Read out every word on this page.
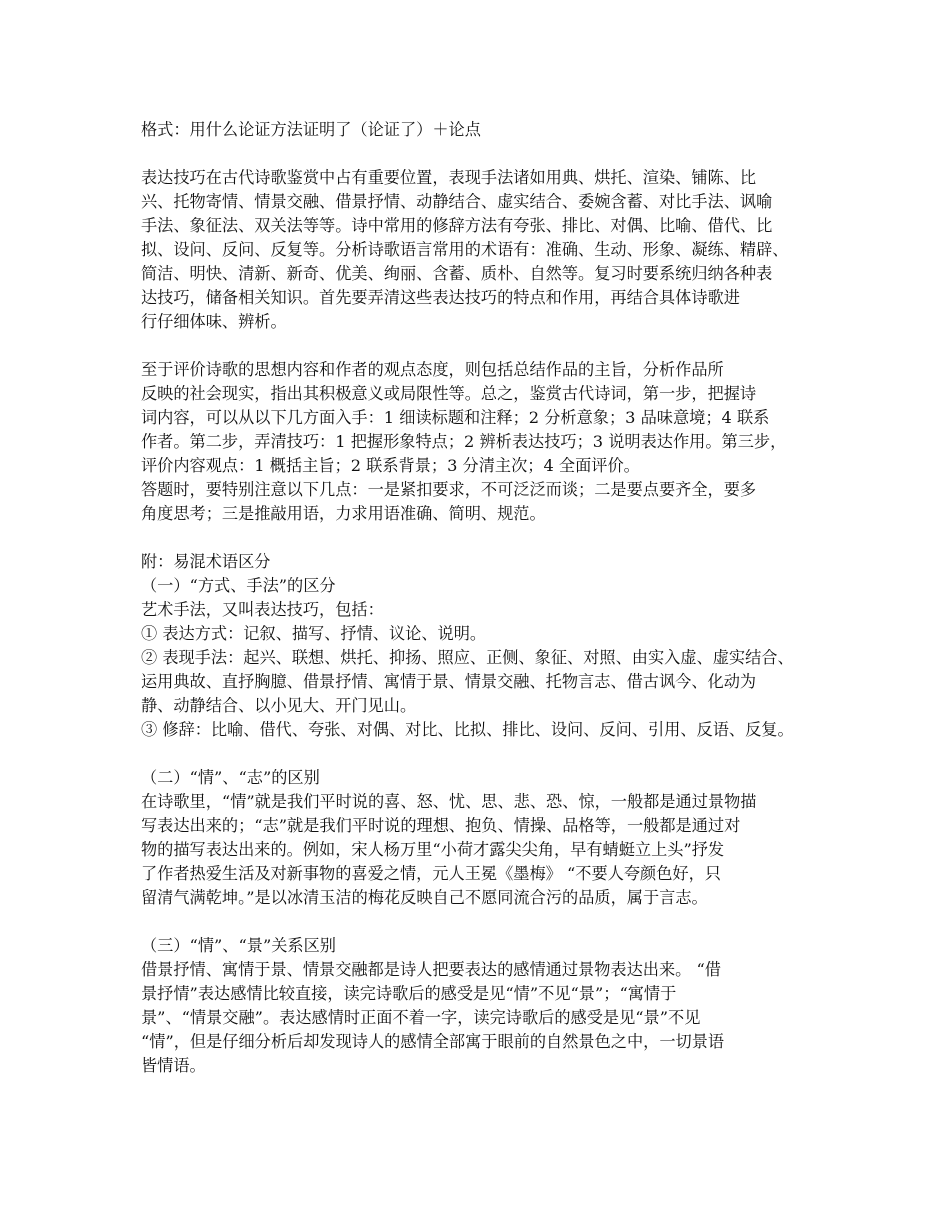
格式：用什么论证方法证明了（论证了）＋论点
表达技巧在古代诗歌鉴赏中占有重要位置，表现手法诸如用典、烘托、渲染、铺陈、比
兴、托物寄情、情景交融、借景抒情、动静结合、虚实结合、委婉含蓄、对比手法、讽喻
手法、象征法、双关法等等。诗中常用的修辞方法有夸张、排比、对偶、比喻、借代、比
拟、设问、反问、反复等。分析诗歌语言常用的术语有：准确、生动、形象、凝练、精辟、
简洁、明快、清新、新奇、优美、绚丽、含蓄、质朴、自然等。复习时要系统归纳各种表
达技巧，储备相关知识。首先要弄清这些表达技巧的特点和作用，再结合具体诗歌进
行仔细体味、辨析。
至于评价诗歌的思想内容和作者的观点态度，则包括总结作品的主旨，分析作品所
反映的社会现实，指出其积极意义或局限性等。总之，鉴赏古代诗词，第一步，把握诗
词内容，可以从以下几方面入手：1 细读标题和注释；2 分析意象；3 品味意境；4 联系
作者。第二步，弄清技巧：1 把握形象特点；2 辨析表达技巧；3 说明表达作用。第三步，
评价内容观点：1 概括主旨；2 联系背景；3 分清主次；4 全面评价。
答题时，要特别注意以下几点：一是紧扣要求，不可泛泛而谈；二是要点要齐全，要多
角度思考；三是推敲用语，力求用语准确、简明、规范。
附：易混术语区分
（一）“方式、手法”的区分
艺术手法，又叫表达技巧，包括：
① 表达方式：记叙、描写、抒情、议论、说明。
② 表现手法：起兴、联想、烘托、抑扬、照应、正侧、象征、对照、由实入虚、虚实结合、
运用典故、直抒胸臆、借景抒情、寓情于景、情景交融、托物言志、借古讽今、化动为
静、动静结合、以小见大、开门见山。
③ 修辞：比喻、借代、夸张、对偶、对比、比拟、排比、设问、反问、引用、反语、反复。
（二）“情”、“志”的区别
在诗歌里，“情”就是我们平时说的喜、怒、忧、思、悲、恐、惊，一般都是通过景物描
写表达出来的；“志”就是我们平时说的理想、抱负、情操、品格等，一般都是通过对
物的描写表达出来的。例如，宋人杨万里“小荷才露尖尖角，早有蜻蜓立上头”抒发
了作者热爱生活及对新事物的喜爱之情，元人王冕《墨梅》 “不要人夸颜色好，只
留清气满乾坤。”是以冰清玉洁的梅花反映自己不愿同流合污的品质，属于言志。
（三）“情”、“景”关系区别
借景抒情、寓情于景、情景交融都是诗人把要表达的感情通过景物表达出来。 “借
景抒情”表达感情比较直接，读完诗歌后的感受是见“情”不见“景”；“寓情于
景”、“情景交融”。表达感情时正面不着一字，读完诗歌后的感受是见“景”不见
“情”，但是仔细分析后却发现诗人的感情全部寓于眼前的自然景色之中，一切景语
皆情语。
